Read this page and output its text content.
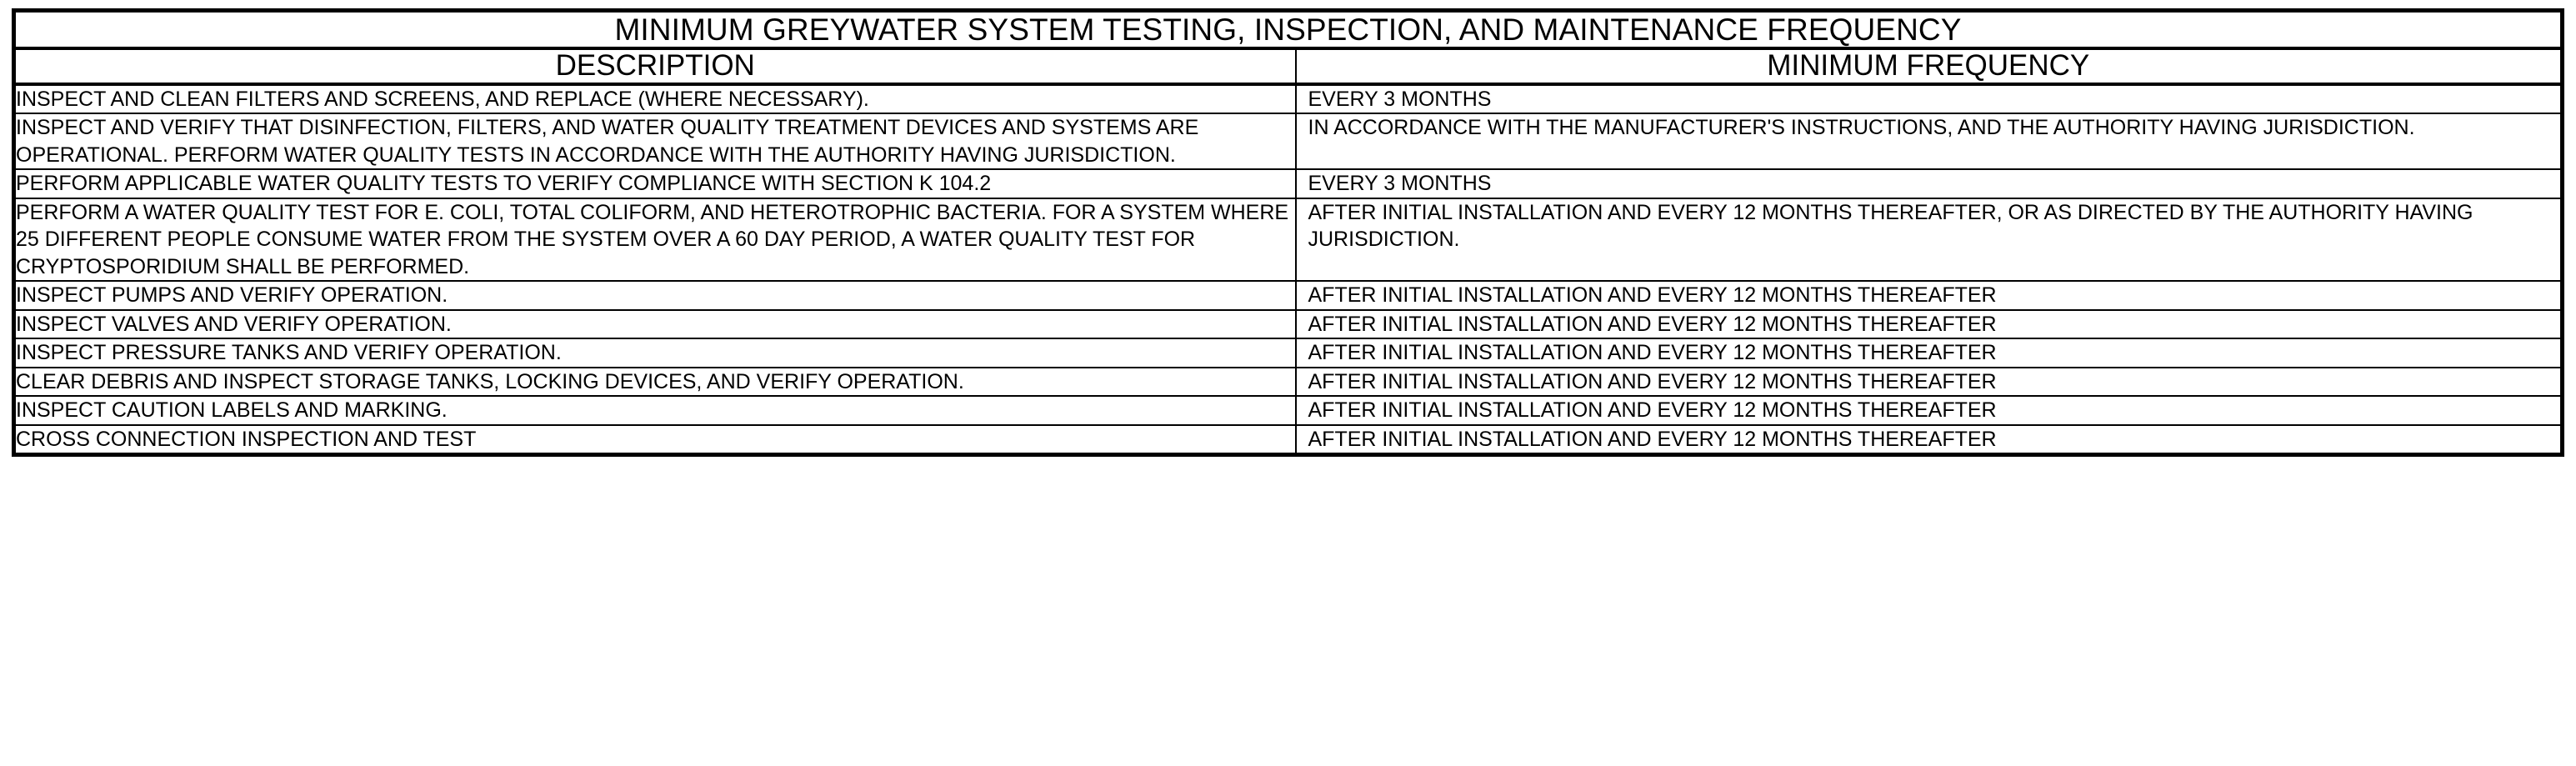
MINIMUM GREYWATER SYSTEM TESTING, INSPECTION, AND MAINTENANCE FREQUENCY	
DESCRIPTION	MINIMUM FREQUENCY

INSPECT AND CLEAN FILTERS AND SCREENS, AND REPLACE (WHERE NECESSARY).	EVERY 3 MONTHS

INSPECT AND VERIFY THAT DISINFECTION, FILTERS, AND WATER QUALITY TREATMENT DEVICES AND SYSTEMS ARE OPERATIONAL. PERFORM WATER QUALITY TESTS IN ACCORDANCE WITH THE AUTHORITY HAVING JURISDICTION.	IN ACCORDANCE WITH THE MANUFACTURER'S INSTRUCTIONS, AND THE AUTHORITY HAVING JURISDICTION.

PERFORM APPLICABLE WATER QUALITY TESTS TO VERIFY COMPLIANCE WITH SECTION K 104.2	EVERY 3 MONTHS

PERFORM A WATER QUALITY TEST FOR E. COLI, TOTAL COLIFORM, AND HETEROTROPHIC BACTERIA. FOR A SYSTEM WHERE 25 DIFFERENT PEOPLE CONSUME WATER FROM THE SYSTEM OVER A 60 DAY PERIOD, A WATER QUALITY TEST FOR CRYPTOSPORIDIUM SHALL BE PERFORMED.	AFTER INITIAL INSTALLATION AND EVERY 12 MONTHS THEREAFTER, OR AS DIRECTED BY THE AUTHORITY HAVING JURISDICTION.

INSPECT PUMPS AND VERIFY OPERATION.	AFTER INITIAL INSTALLATION AND EVERY 12 MONTHS THEREAFTER

INSPECT VALVES AND VERIFY OPERATION.	AFTER INITIAL INSTALLATION AND EVERY 12 MONTHS THEREAFTER

INSPECT PRESSURE TANKS AND VERIFY OPERATION.	AFTER INITIAL INSTALLATION AND EVERY 12 MONTHS THEREAFTER

CLEAR DEBRIS AND INSPECT STORAGE TANKS, LOCKING DEVICES, AND VERIFY OPERATION.	AFTER INITIAL INSTALLATION AND EVERY 12 MONTHS THEREAFTER

INSPECT CAUTION LABELS AND MARKING.	AFTER INITIAL INSTALLATION AND EVERY 12 MONTHS THEREAFTER

CROSS CONNECTION INSPECTION AND TEST	AFTER INITIAL INSTALLATION AND EVERY 12 MONTHS THEREAFTER
